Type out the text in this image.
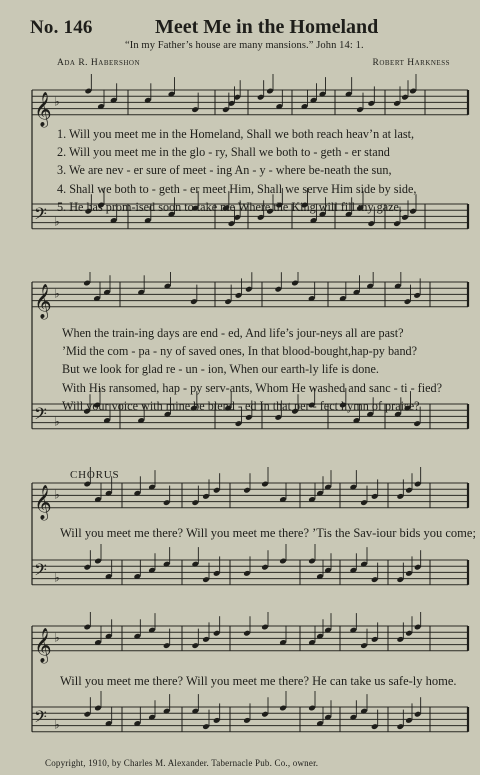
No. 146	Meet Me in the Homeland
“In my Father’s house are many mansions.” John 14: 1.
Ada R. Habershon	Robert Harkness
𝄞 ♭
𝄢 ♭
1. Will you meet me in the Homeland, Shall we both reach heav’n at last,
2. Will you meet me in the glo - ry, Shall we both to - geth - er stand
3. We are nev - er sure of meet - ing An - y - where be-neath the sun,
4. Shall we both to - geth - er meet Him, Shall we serve Him side by side,
5. He has prom-ised soon to take me Where the King will fill my gaze,
𝄞 ♭
𝄢 ♭
When the train-ing days are end - ed, And life’s jour-neys all are past?
’Mid the com - pa - ny of saved ones, In that blood-bought,hap-py band?
But we look for glad re - un - ion, When our earth-ly life is done.
With His ransomed, hap - py serv-ants, Whom He washed and sanc - ti - fied?
Will your voice with mine be blend - ed In that per - fect hymn of praise?
CHORUS
𝄞 ♭
𝄢 ♭
Will you meet me there? Will you meet me there? ’Tis the Sav-iour bids you come;
𝄞 ♭
𝄢 ♭
Will you meet me there? Will you meet me there? He can take us safe-ly home.
Copyright, 1910, by Charles M. Alexander. Tabernacle Pub. Co., owner.
